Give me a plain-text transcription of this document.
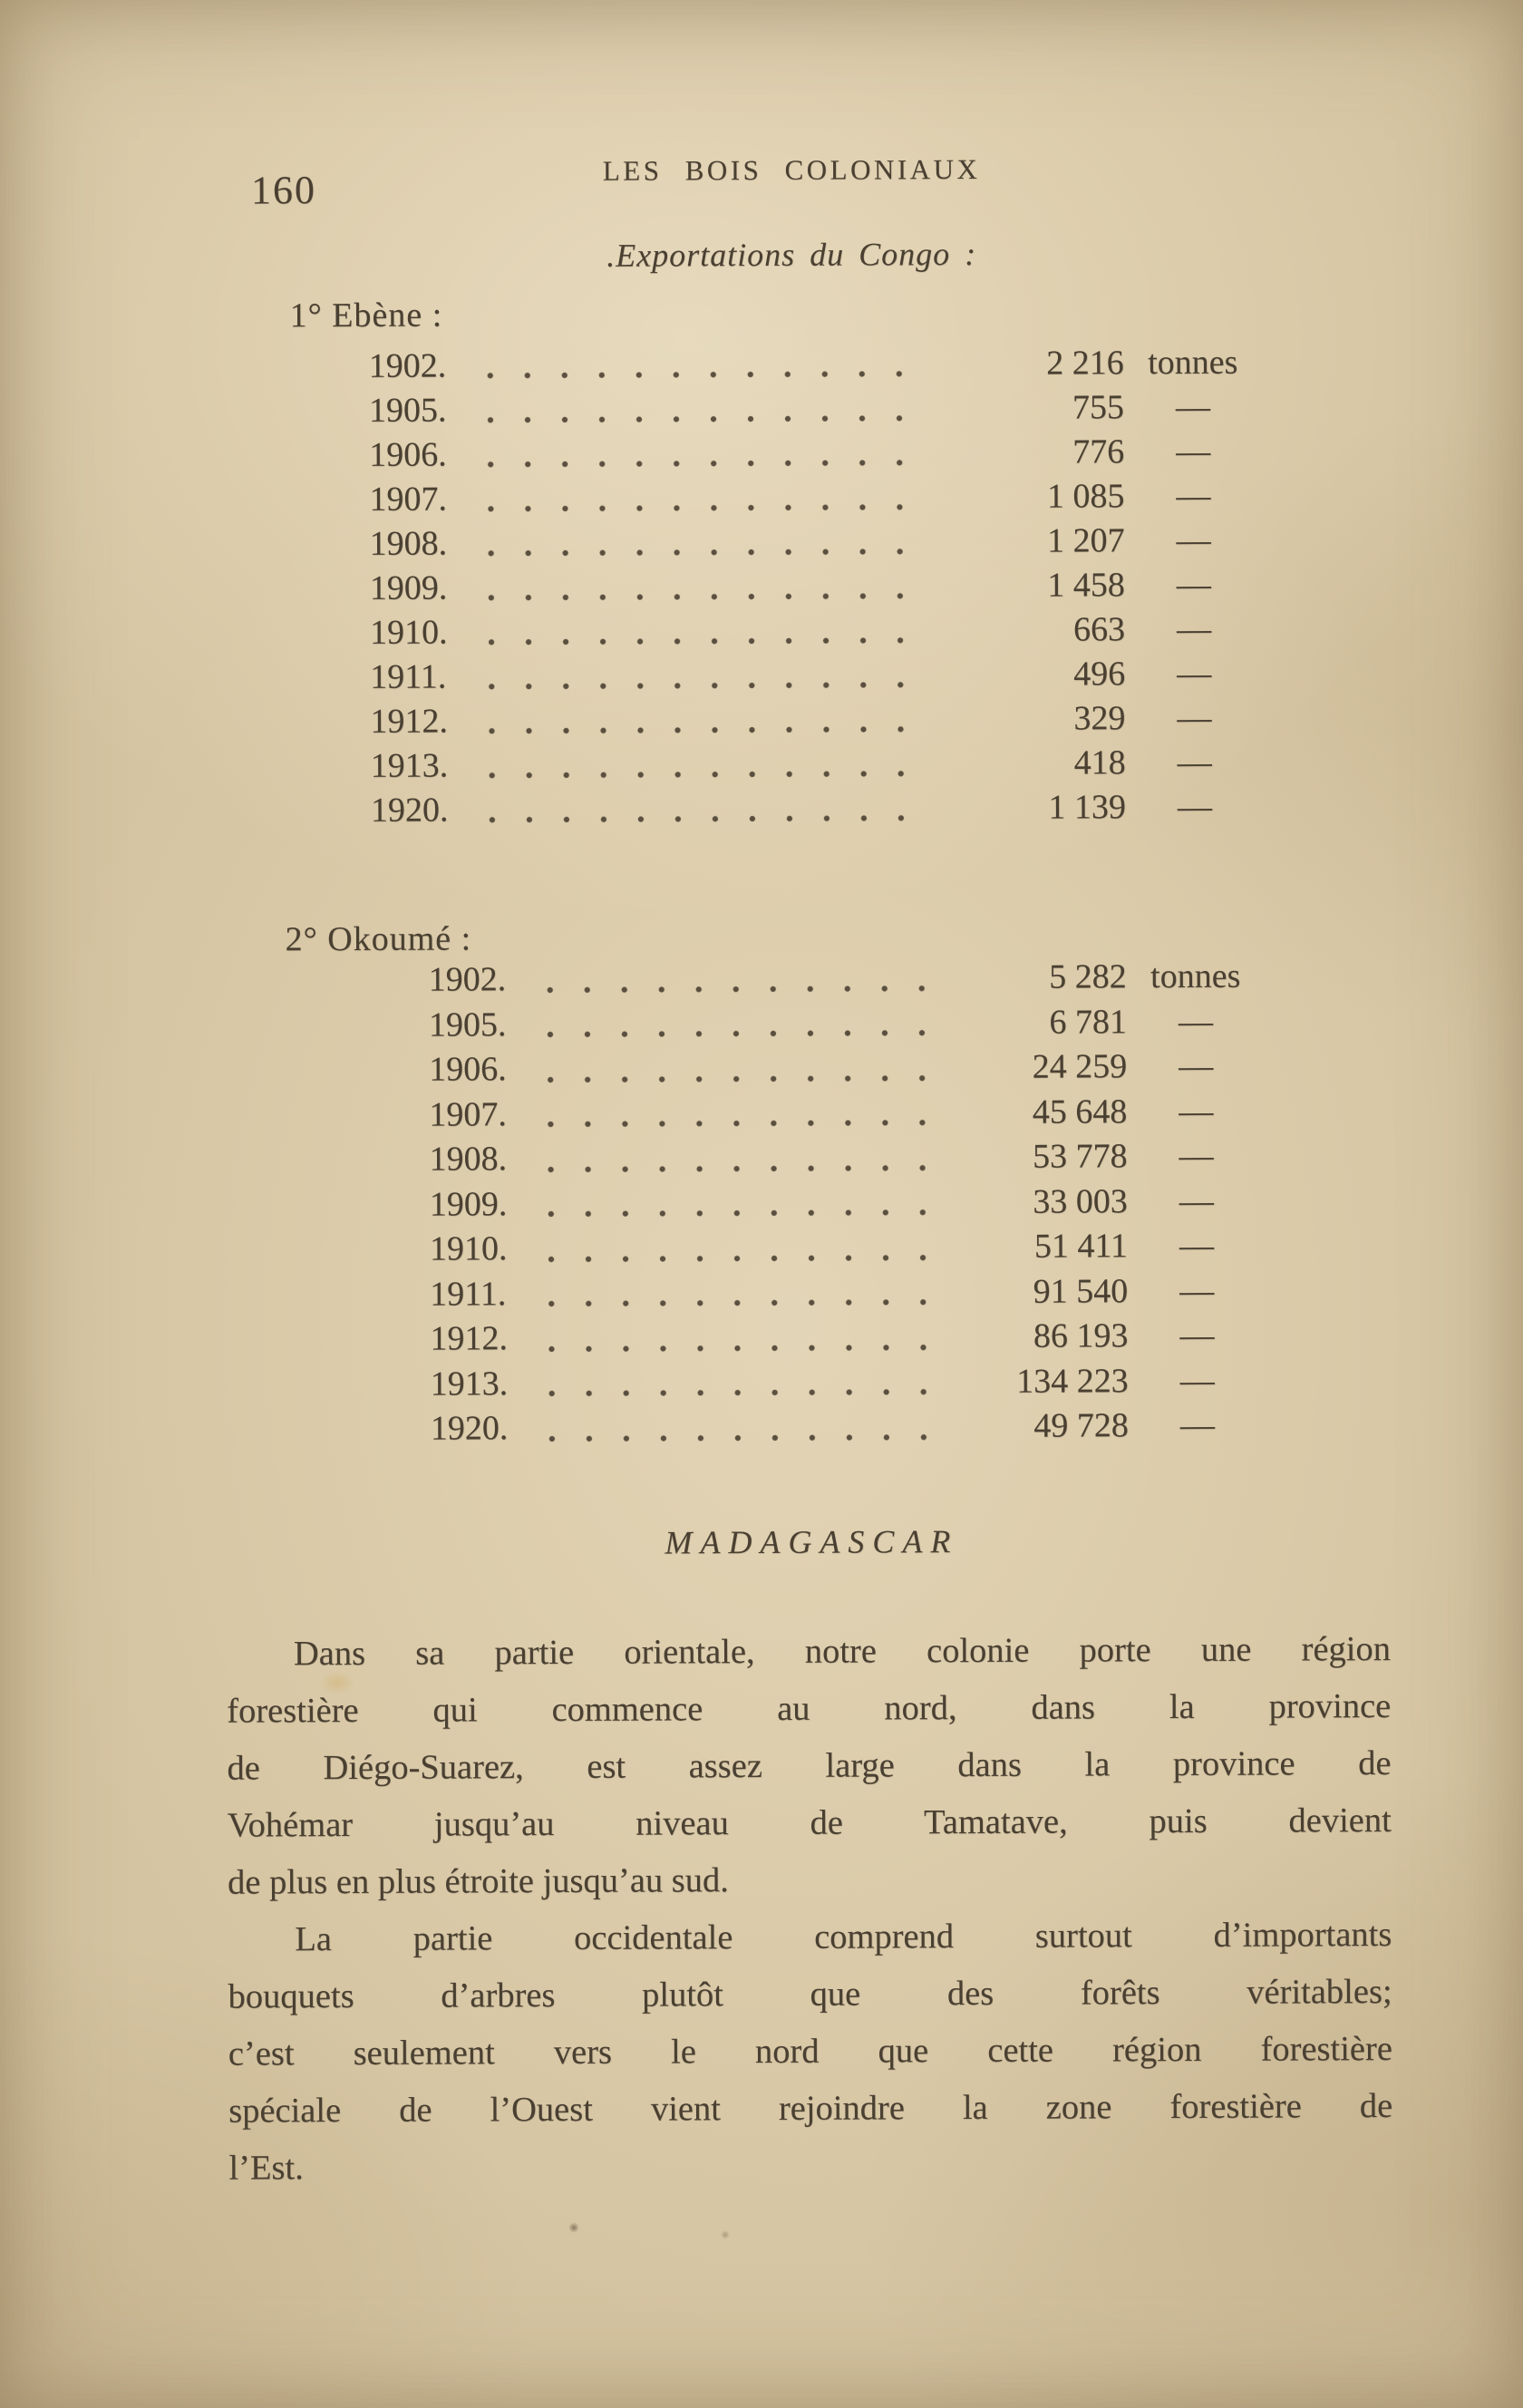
160	LES BOIS COLONIAUX
.Exportations du Congo :
1° Ebène :
1902.	2 216 tonnes
1905.	755	—
1906.	776	—
1907.	1 085	—
1908.	1 207	—
1909.	1 458	—
1910.	663	—
1911.	496	—
1912.	329	—
1913.	418	—
1920.	1 139	—
2° Okoumé :
1902.	5 282 tonnes
1905.	6 781	—
1906.	24 259	—
1907.	45 648	—
1908.	53 778	—
1909.	33 003	—
1910.	51 411	—
1911.	91 540	—
1912.	86 193	—
1913.	134 223	—
1920.	49 728	—
MADAGASCAR
Dans sa partie orientale, notre colonie porte une région
forestière qui commence au nord, dans la province
de Diégo-Suarez, est assez large dans la province de
Vohémar jusqu’au niveau de Tamatave, puis devient
de plus en plus étroite jusqu’au sud.
La partie occidentale comprend surtout d’importants
bouquets d’arbres plutôt que des forêts véritables;
c’est seulement vers le nord que cette région forestière
spéciale de l’Ouest vient rejoindre la zone forestière de
l’Est.
